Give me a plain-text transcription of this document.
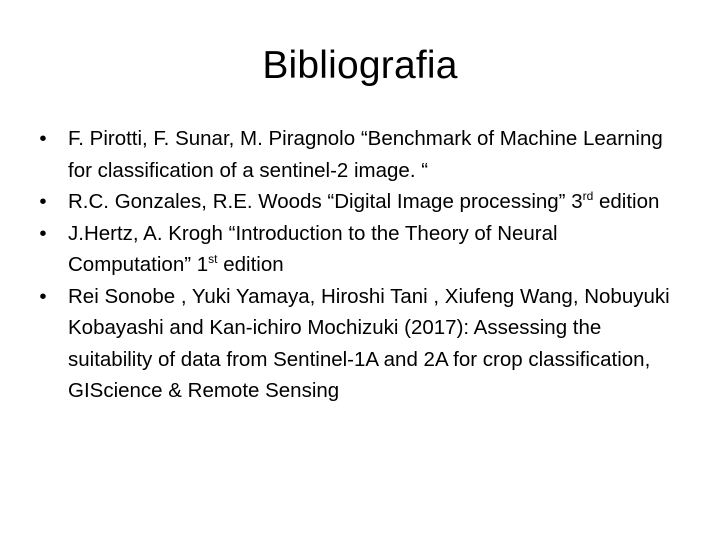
Bibliografia
• F. Pirotti, F. Sunar, M. Piragnolo “Benchmark of Machine Learning for classification of a sentinel-2 image. “
• R.C. Gonzales, R.E. Woods “Digital Image processing” 3rd edition
• J.Hertz, A. Krogh “Introduction to the Theory of Neural Computation” 1st edition
• Rei Sonobe , Yuki Yamaya, Hiroshi Tani , Xiufeng Wang, Nobuyuki Kobayashi and Kan-ichiro Mochizuki (2017): Assessing the suitability of data from Sentinel-1A and 2A for crop classification, GIScience & Remote Sensing
